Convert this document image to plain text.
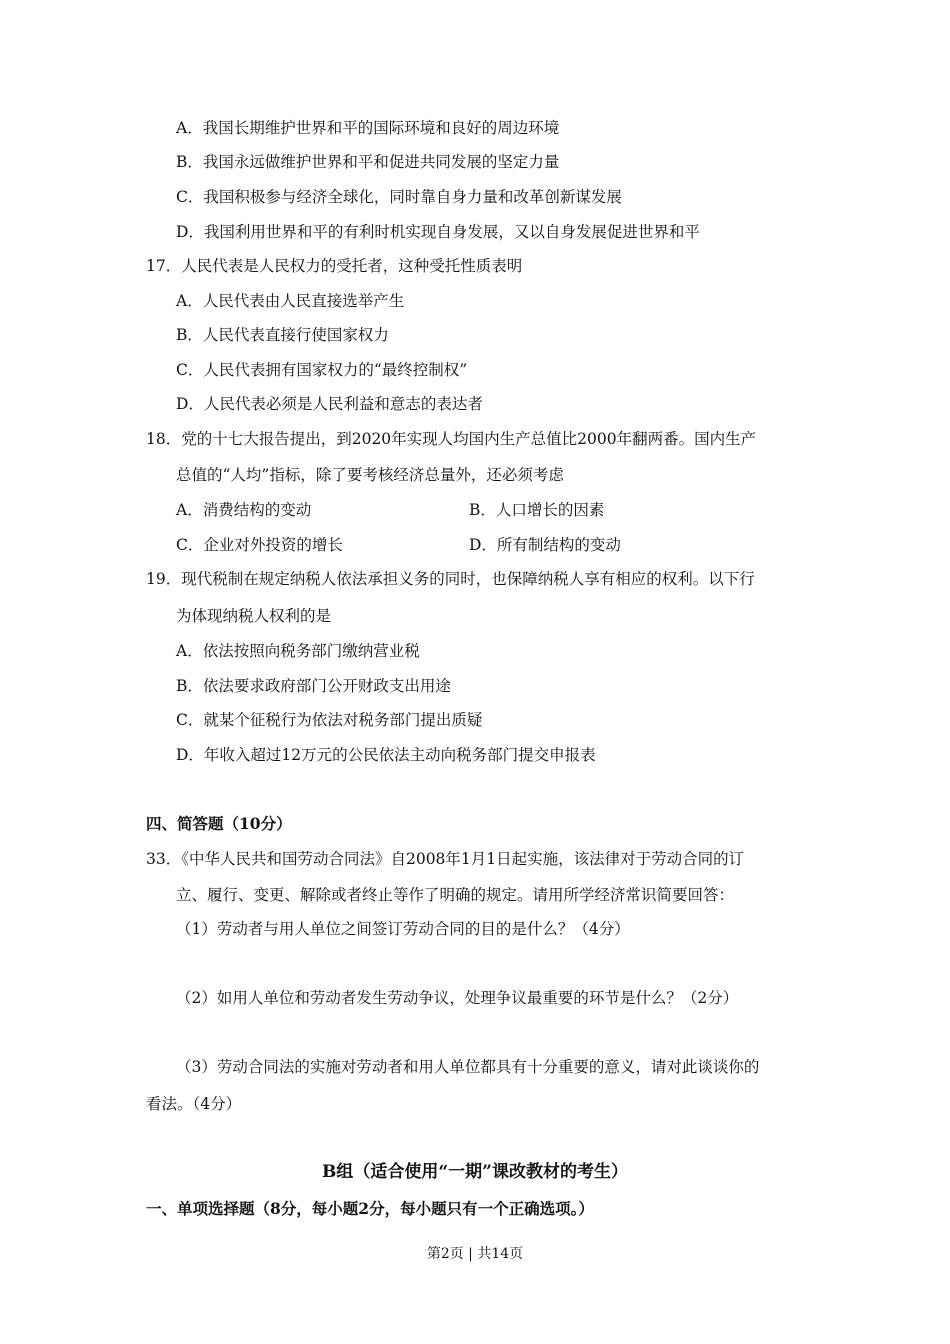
A．我国长期维护世界和平的国际环境和良好的周边环境
B．我国永远做维护世界和平和促进共同发展的坚定力量
C．我国积极参与经济全球化，同时靠自身力量和改革创新谋发展
D．我国利用世界和平的有利时机实现自身发展，又以自身发展促进世界和平
17．人民代表是人民权力的受托者，这种受托性质表明
A．人民代表由人民直接选举产生
B．人民代表直接行使国家权力
C．人民代表拥有国家权力的“最终控制权”
D．人民代表必须是人民利益和意志的表达者
18．党的十七大报告提出，到2020年实现人均国内生产总值比2000年翻两番。国内生产
总值的“人均”指标，除了要考核经济总量外，还必须考虑
A．消费结构的变动	B．人口增长的因素
C．企业对外投资的增长	D．所有制结构的变动
19．现代税制在规定纳税人依法承担义务的同时，也保障纳税人享有相应的权利。以下行
为体现纳税人权利的是
A．依法按照向税务部门缴纳营业税
B．依法要求政府部门公开财政支出用途
C．就某个征税行为依法对税务部门提出质疑
D．年收入超过12万元的公民依法主动向税务部门提交申报表
四、简答题（10分）
33．《中华人民共和国劳动合同法》自2008年1月1日起实施，该法律对于劳动合同的订
立、履行、变更、解除或者终止等作了明确的规定。请用所学经济常识简要回答：
（1）劳动者与用人单位之间签订劳动合同的目的是什么？（4分）
（2）如用人单位和劳动者发生劳动争议，处理争议最重要的环节是什么？（2分）
（3）劳动合同法的实施对劳动者和用人单位都具有十分重要的意义，请对此谈谈你的
看法。（4分）
B组（适合使用“一期”课改教材的考生）
一、单项选择题（8分，每小题2分，每小题只有一个正确选项。）
第2页 | 共14页
